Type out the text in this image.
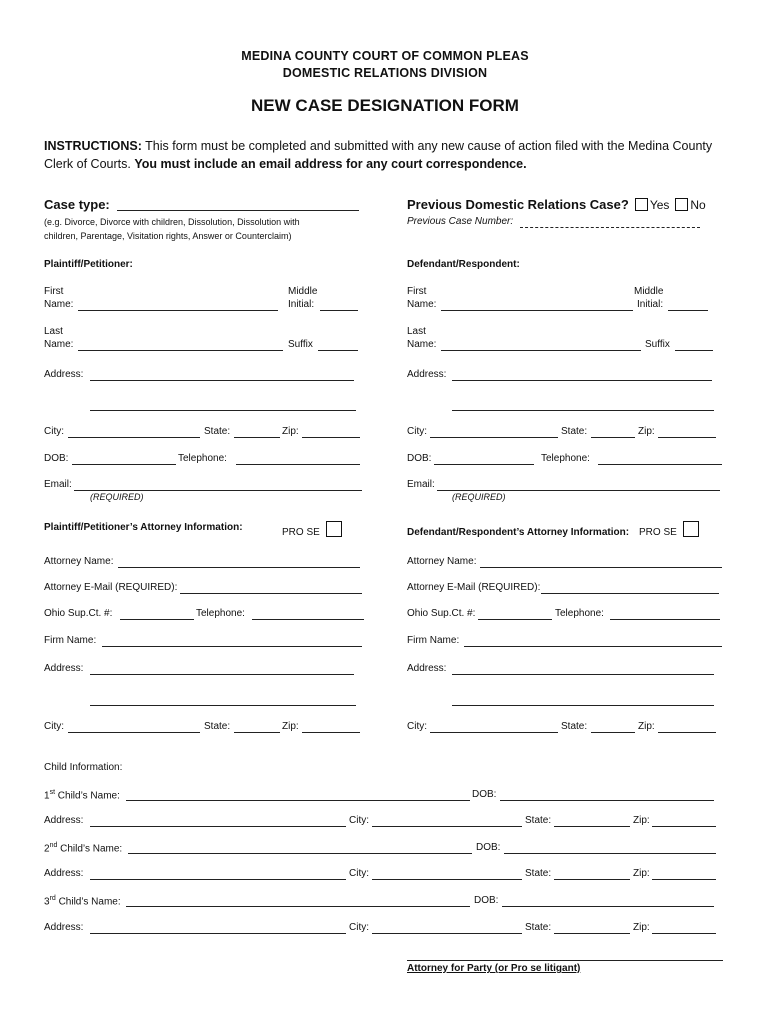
MEDINA COUNTY COURT OF COMMON PLEAS
DOMESTIC RELATIONS DIVISION
NEW CASE DESIGNATION FORM
INSTRUCTIONS: This form must be completed and submitted with any new cause of action filed with the Medina County Clerk of Courts. You must include an email address for any court correspondence.
Case type:
(e.g. Divorce, Divorce with children, Dissolution, Dissolution with
children, Parentage, Visitation rights, Answer or Counterclaim)
Previous Domestic Relations Case? Yes No
Previous Case Number:
Plaintiff/Petitioner:
First
Name:
Middle
Initial:
Last
Name:	Suffix
Address:
City:	State:	Zip:
DOB:	Telephone:
Email:
(REQUIRED)
Defendant/Respondent:
First
Name:
Middle
Initial:
Last
Name:	Suffix
Address:
City:	State:	Zip:
DOB:	Telephone:
Email:
(REQUIRED)
Plaintiff/Petitioner’s Attorney Information:	PRO SE
Attorney Name:
Attorney E-Mail (REQUIRED):
Ohio Sup.Ct. #:	Telephone:
Firm Name:
Address:
City:	State:	Zip:
Defendant/Respondent’s Attorney Information: PRO SE
Attorney Name:
Attorney E-Mail (REQUIRED):
Ohio Sup.Ct. #:	Telephone:
Firm Name:
Address:
City:	State:	Zip:
Child Information:
1st Child’s Name:	DOB:
Address:	City:	State:	Zip:
2nd Child’s Name:	DOB:
Address:	City:	State:	Zip:
3rd Child’s Name:	DOB:
Address:	City:	State:	Zip:
Attorney for Party (or Pro se litigant)
